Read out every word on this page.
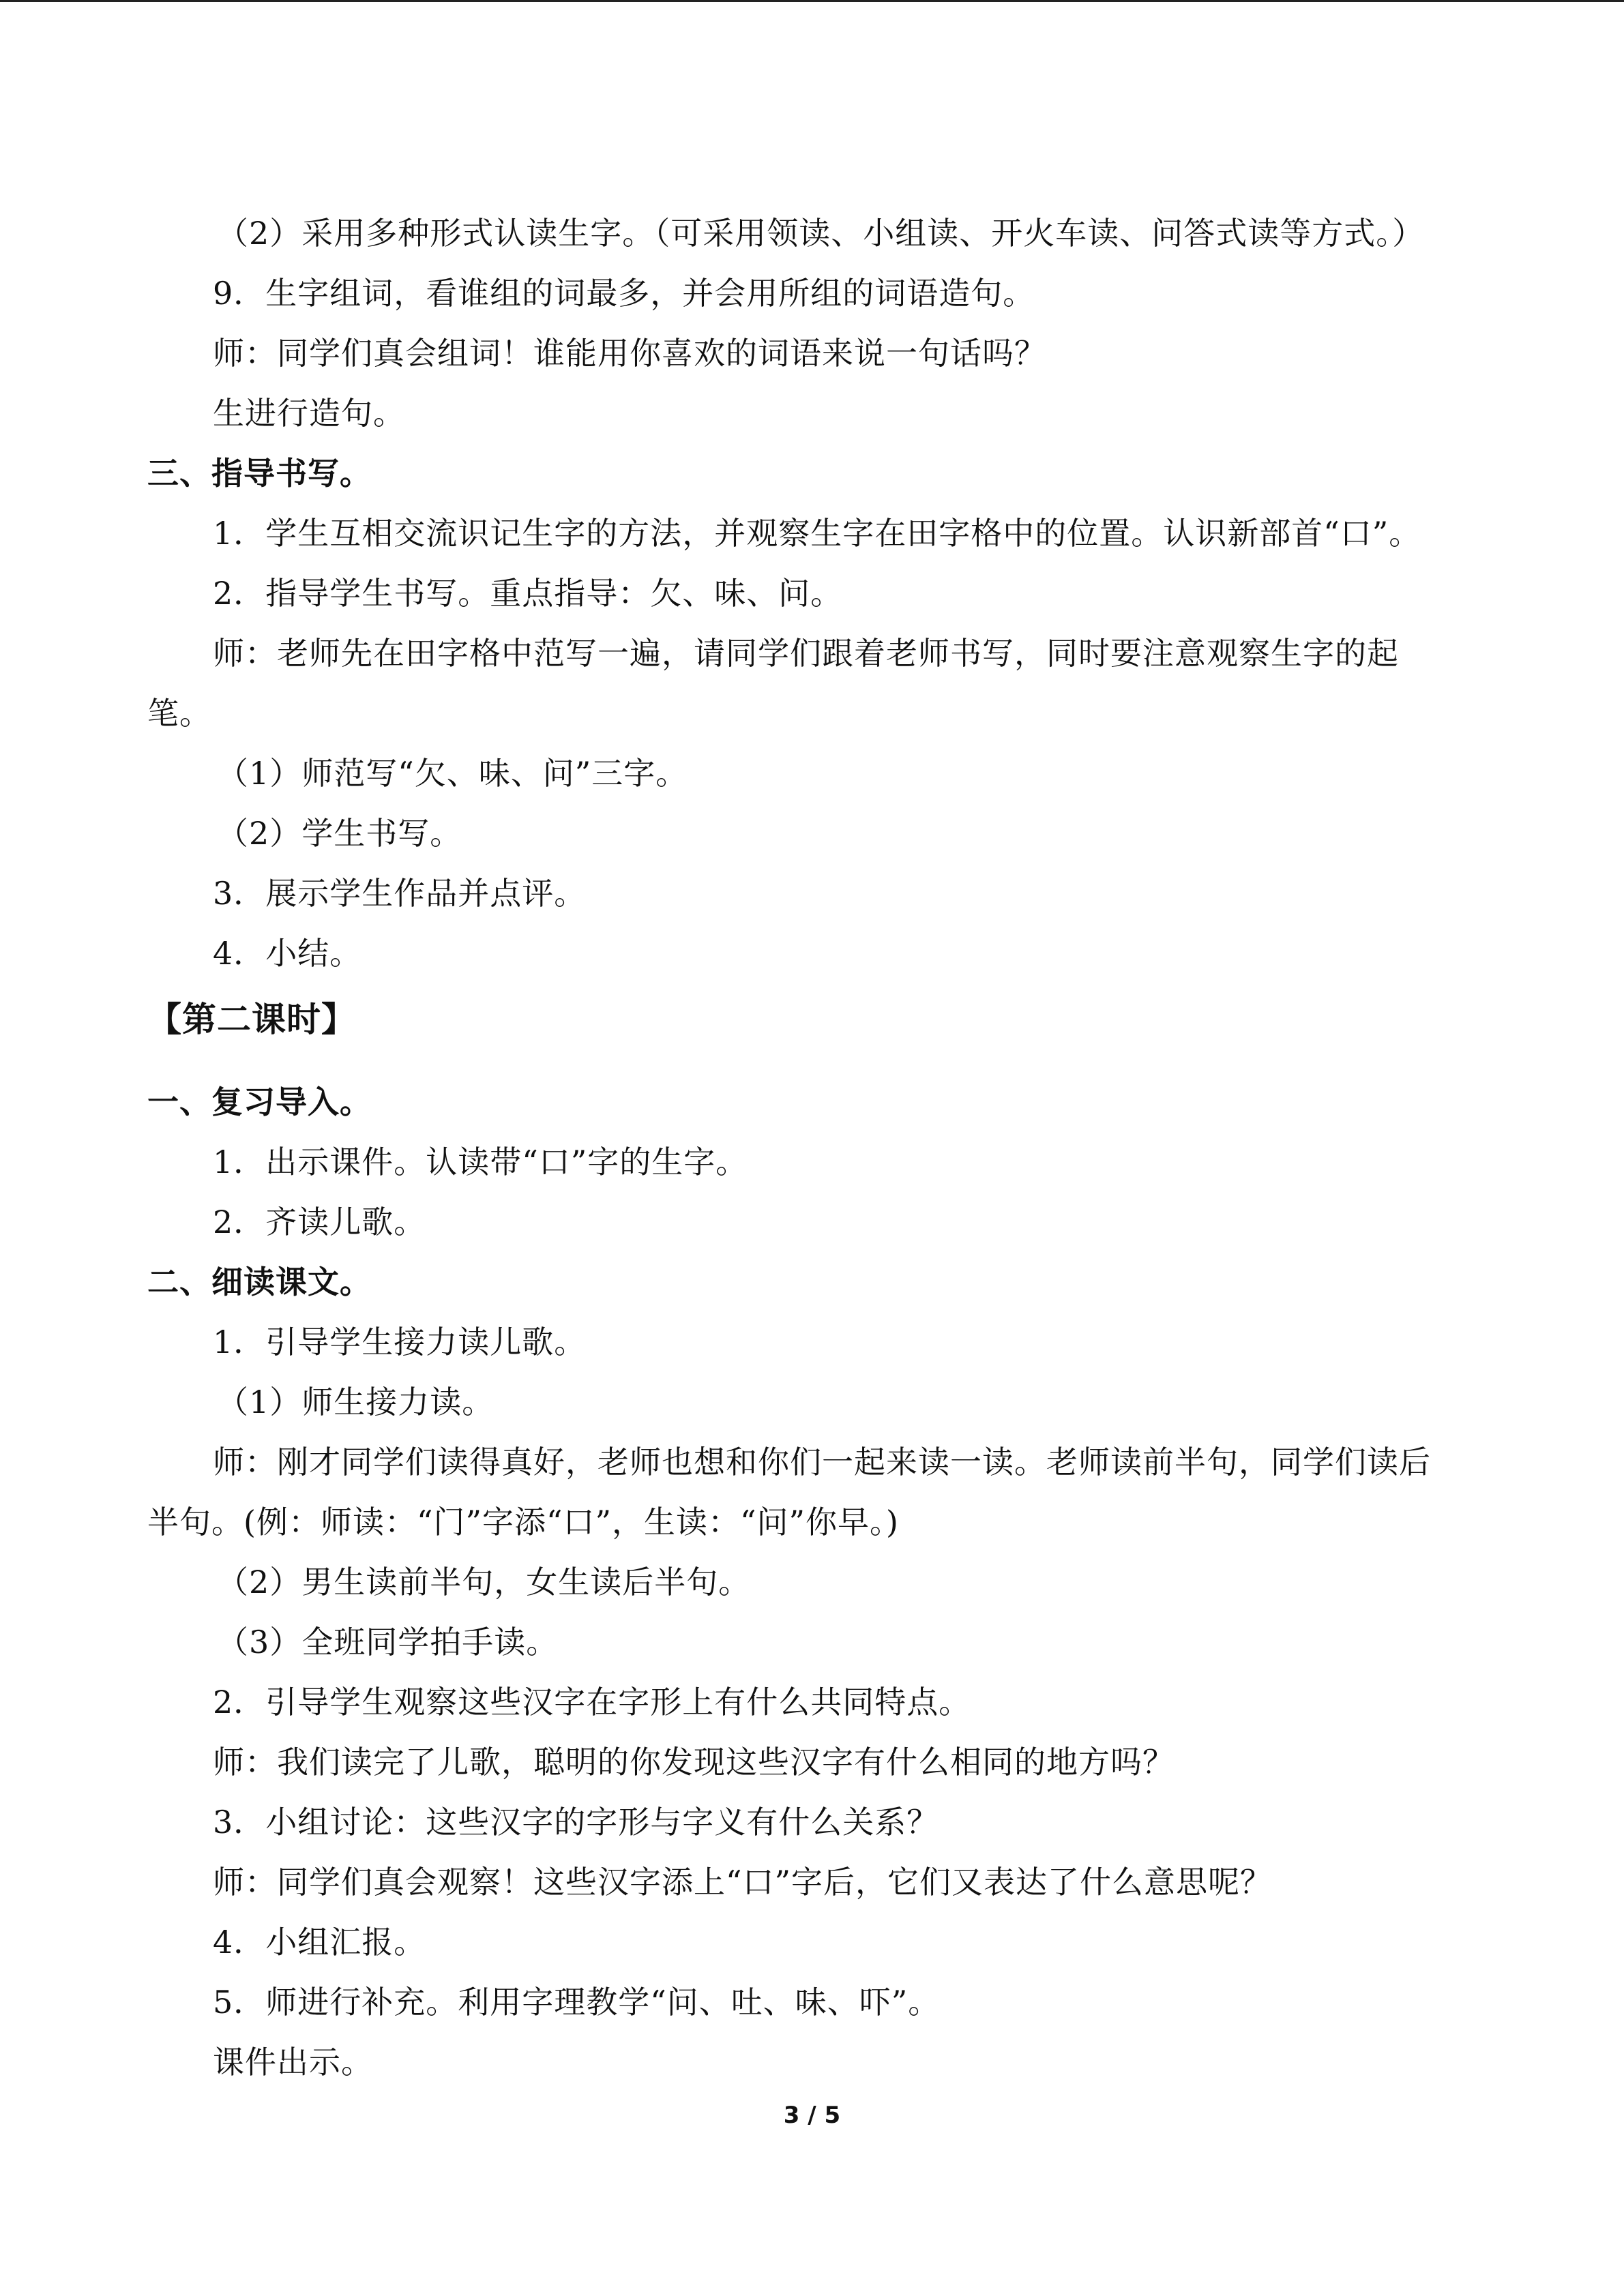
（2）采用多种形式认读生字。（可采用领读、小组读、开火车读、问答式读等方式。）
9．生字组词，看谁组的词最多，并会用所组的词语造句。
师：同学们真会组词！谁能用你喜欢的词语来说一句话吗？
生进行造句。
三、指导书写。
1．学生互相交流识记生字的方法，并观察生字在田字格中的位置。认识新部首“口”。
2．指导学生书写。重点指导：欠、味、问。
师：老师先在田字格中范写一遍，请同学们跟着老师书写，同时要注意观察生字的起
笔。
（1）师范写“欠、味、问”三字。
（2）学生书写。
3．展示学生作品并点评。
4．小结。
【第二课时】
一、复习导入。
1．出示课件。认读带“口”字的生字。
2．齐读儿歌。
二、细读课文。
1．引导学生接力读儿歌。
（1）师生接力读。
师：刚才同学们读得真好，老师也想和你们一起来读一读。老师读前半句，同学们读后
半句。(例：师读：“门”字添“口”，生读：“问”你早。)
（2）男生读前半句，女生读后半句。
（3）全班同学拍手读。
2．引导学生观察这些汉字在字形上有什么共同特点。
师：我们读完了儿歌，聪明的你发现这些汉字有什么相同的地方吗？
3．小组讨论：这些汉字的字形与字义有什么关系？
师：同学们真会观察！这些汉字添上“口”字后，它们又表达了什么意思呢？
4．小组汇报。
5．师进行补充。利用字理教学“问、吐、味、吓”。
课件出示。
3 / 5
